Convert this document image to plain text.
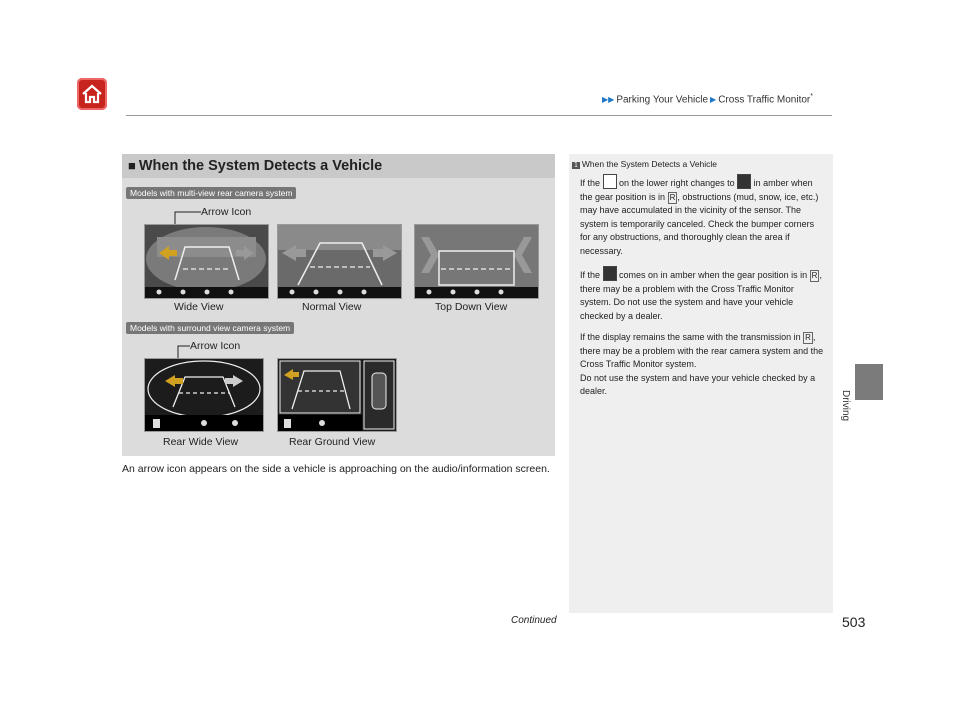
▶▶ Parking Your Vehicle ▶ Cross Traffic Monitor*
Driving
■ When the System Detects a Vehicle
Models with multi-view rear camera system
Arrow Icon
Wide View	Normal View	Top Down View
Models with surround view camera system
Arrow Icon
Rear Wide View	Rear Ground View
An arrow icon appears on the side a vehicle is approaching on the audio/information screen.
1 When the System Detects a Vehicle

If the on the lower right changes to in amber when the gear position is in R , obstructions (mud, snow, ice, etc.) may have accumulated in the vicinity of the sensor. The system is temporarily canceled. Check the bumper corners for any obstructions, and thoroughly clean the area if necessary.

If the comes on in amber when the gear position is in R , there may be a problem with the Cross Traffic Monitor system. Do not use the system and have your vehicle checked by a dealer.

If the display remains the same with the transmission in R , there may be a problem with the rear camera system and the Cross Traffic Monitor system.
Do not use the system and have your vehicle checked by a dealer.

Continued	503
